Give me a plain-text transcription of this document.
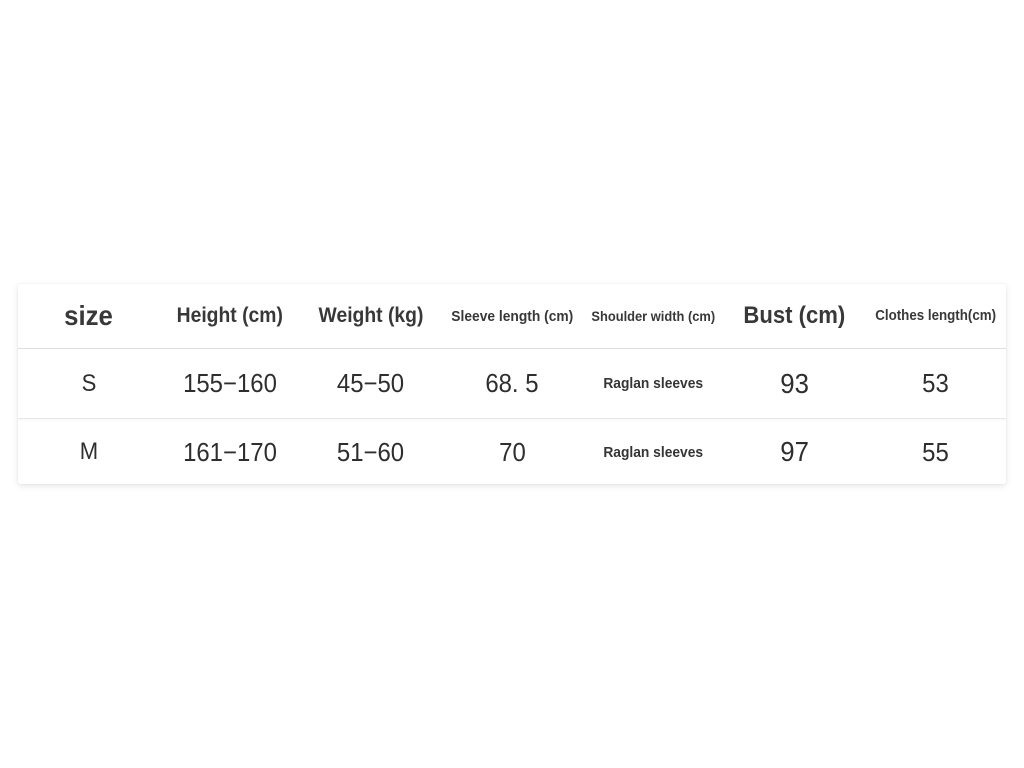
size	Height (cm)	Weight (kg)	Sleeve length (cm)	Shoulder width (cm)	Bust (cm)	Clothes length(cm)
S	155−160	45−50	68. 5	Raglan sleeves	93	53
M	161−170	51−60	70	Raglan sleeves	97	55
